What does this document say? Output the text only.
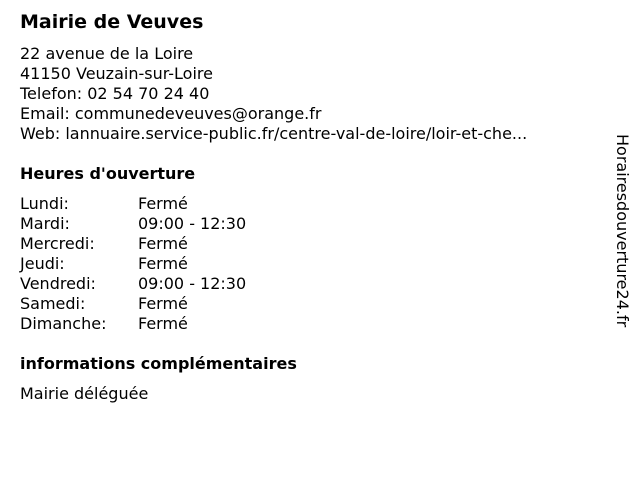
Mairie de Veuves
22 avenue de la Loire
41150 Veuzain-sur-Loire
Telefon: 02 54 70 24 40
Email: communedeveuves@orange.fr
Web: lannuaire.service-public.fr/centre-val-de-loire/loir-et-che...
Heures d'ouverture
Lundi:	Fermé
Mardi:	09:00 - 12:30
Mercredi:	Fermé
Jeudi:	Fermé
Vendredi:	09:00 - 12:30
Samedi:	Fermé
Dimanche: Fermé
informations complémentaires
Mairie déléguée
Horairesdouverture24.fr
